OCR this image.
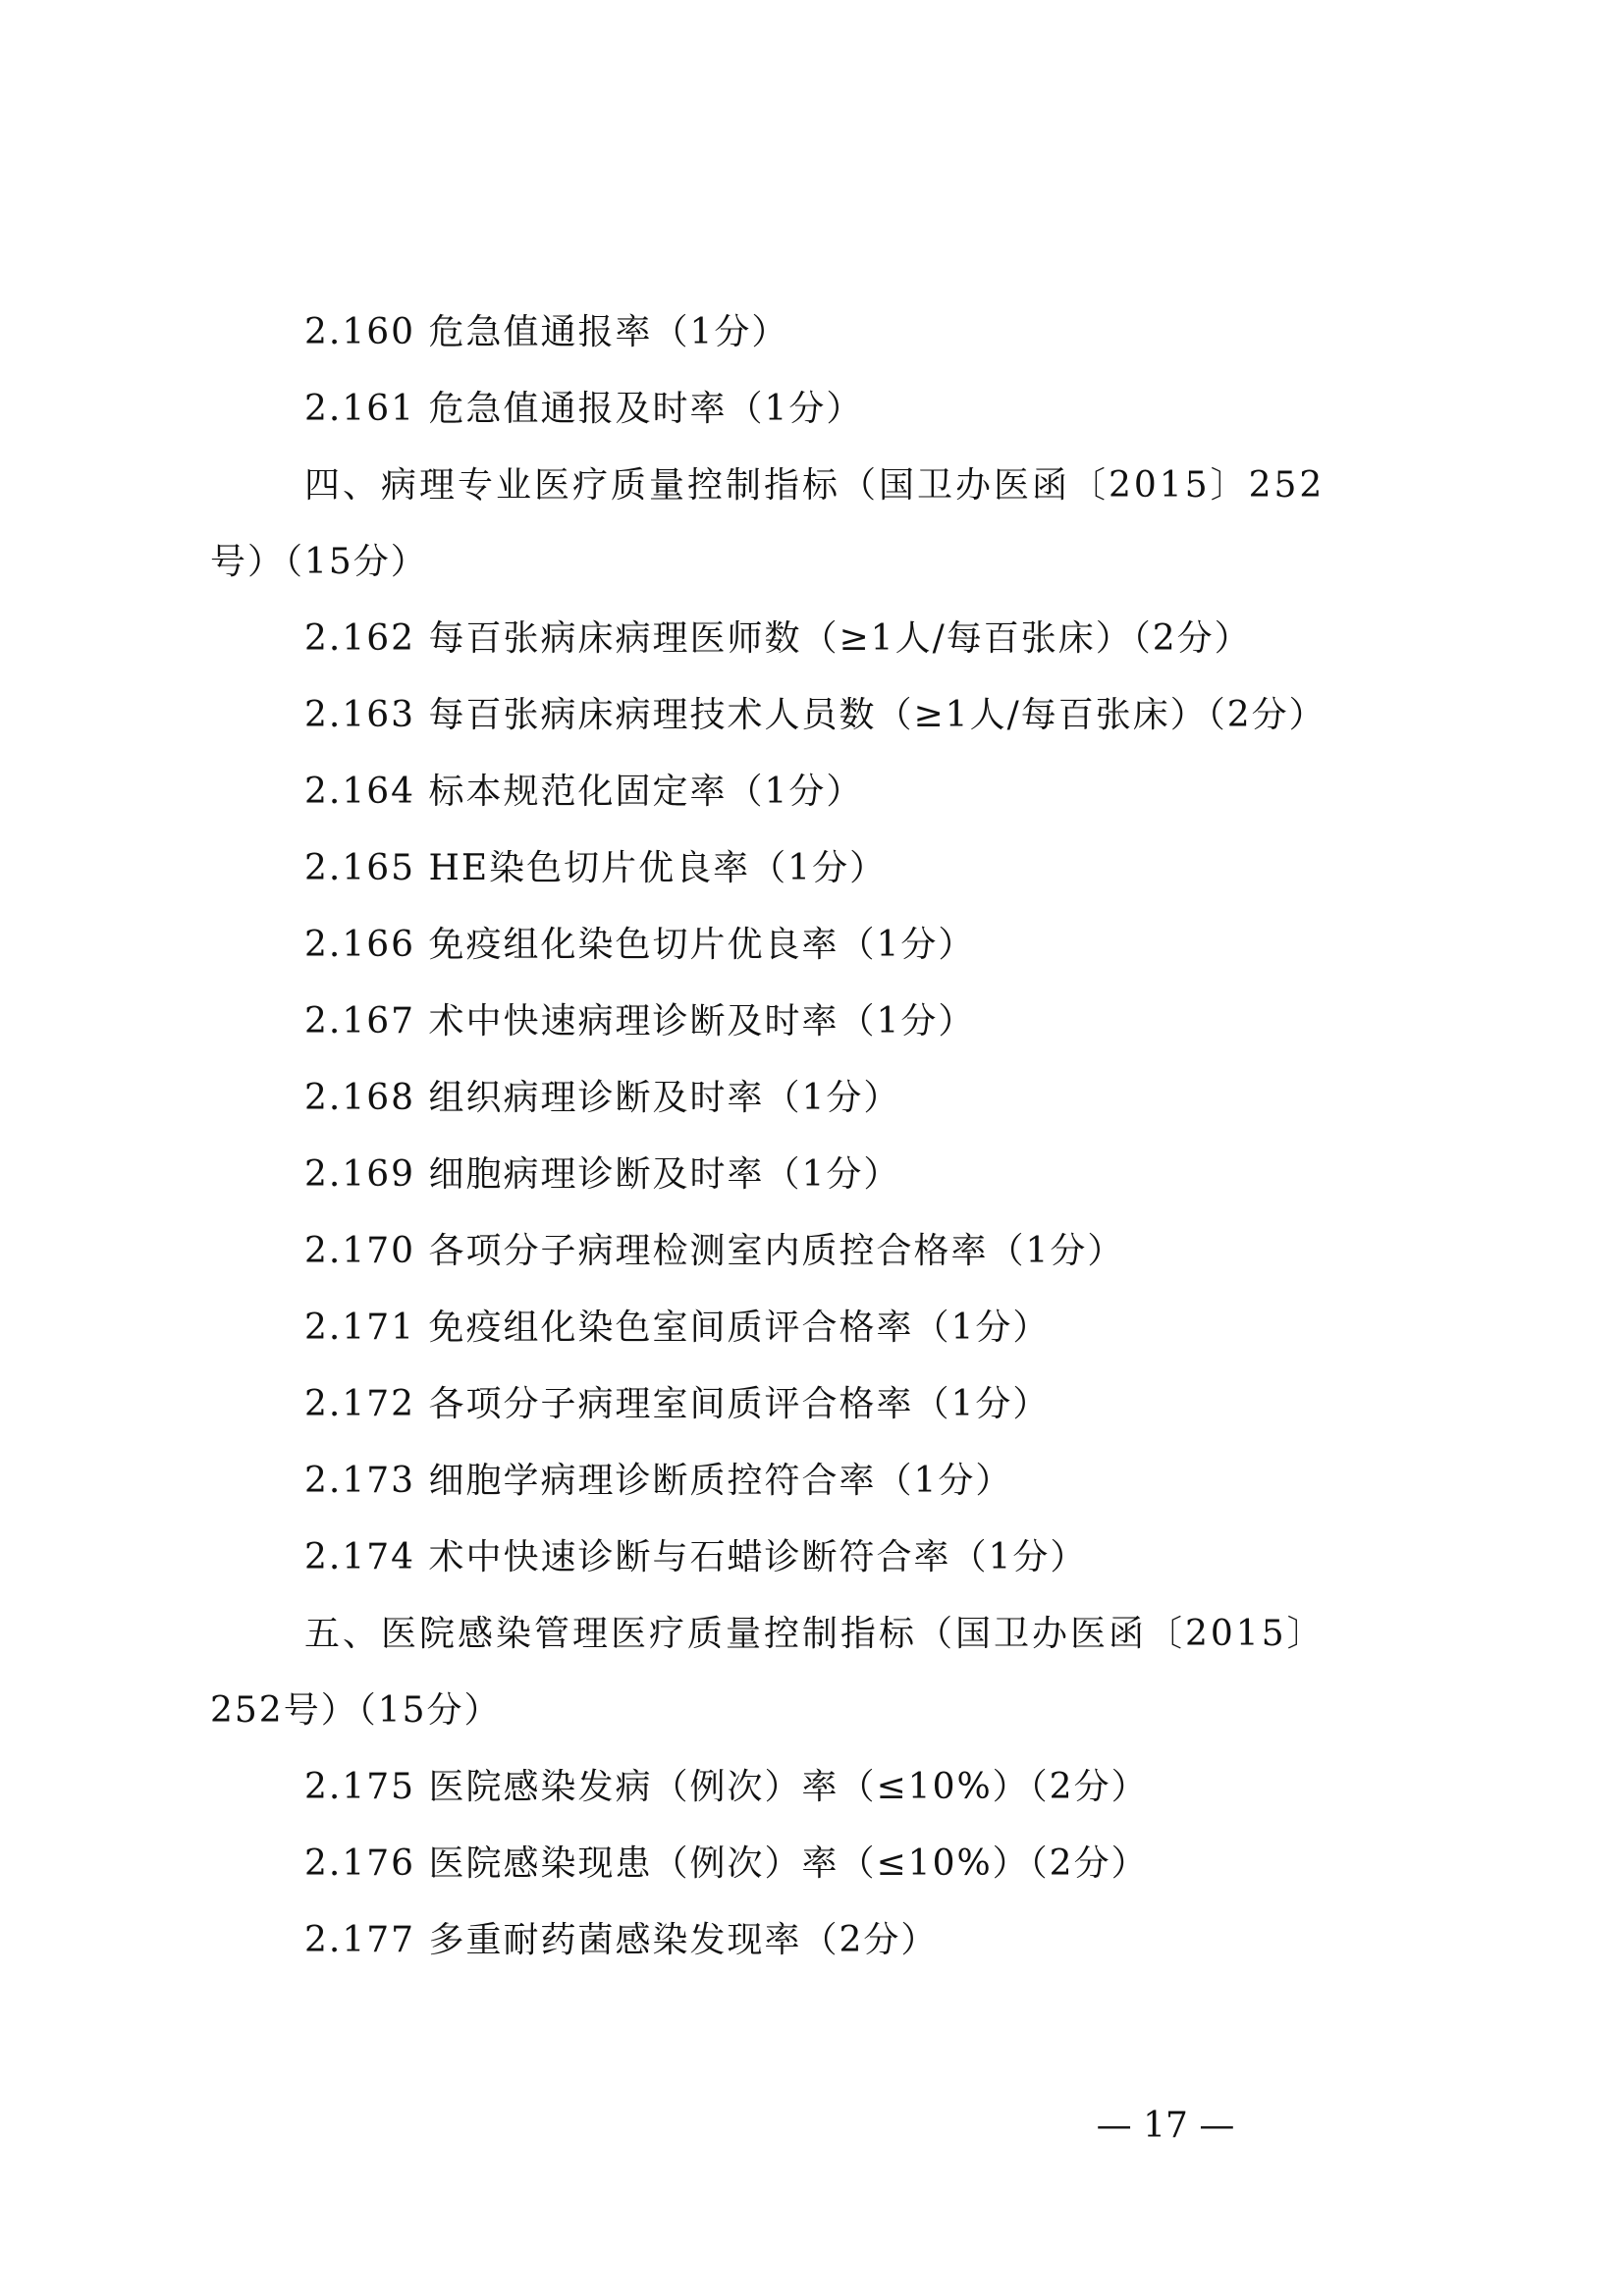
2.160 危急值通报率（1分）
2.161 危急值通报及时率（1分）
四、病理专业医疗质量控制指标（国卫办医函〔2015〕252
号）（15分）
2.162 每百张病床病理医师数（≥1人/每百张床）（2分）
2.163 每百张病床病理技术人员数（≥1人/每百张床）（2分）
2.164 标本规范化固定率（1分）
2.165 HE染色切片优良率（1分）
2.166 免疫组化染色切片优良率（1分）
2.167 术中快速病理诊断及时率（1分）
2.168 组织病理诊断及时率（1分）
2.169 细胞病理诊断及时率（1分）
2.170 各项分子病理检测室内质控合格率（1分）
2.171 免疫组化染色室间质评合格率（1分）
2.172 各项分子病理室间质评合格率（1分）
2.173 细胞学病理诊断质控符合率（1分）
2.174 术中快速诊断与石蜡诊断符合率（1分）
五、医院感染管理医疗质量控制指标（国卫办医函〔2015〕
252号）（15分）
2.175 医院感染发病（例次）率（≤10%）（2分）
2.176 医院感染现患（例次）率（≤10%）（2分）
2.177 多重耐药菌感染发现率（2分）
— 17 —
